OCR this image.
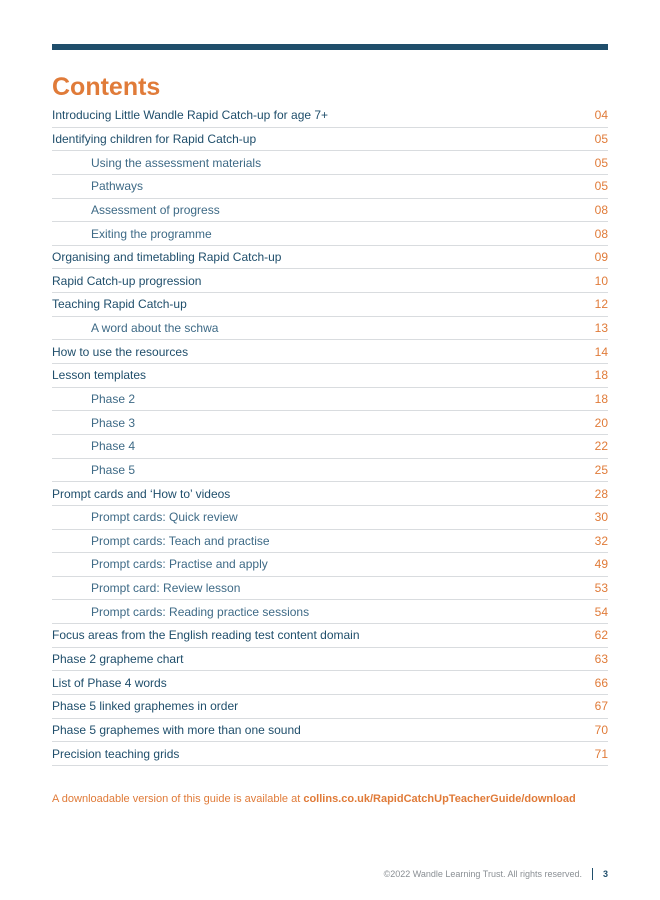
Contents
Introducing Little Wandle Rapid Catch-up for age 7+	04
Identifying children for Rapid Catch-up	05
Using the assessment materials	05
Pathways	05
Assessment of progress	08
Exiting the programme	08
Organising and timetabling Rapid Catch-up	09
Rapid Catch-up progression	10
Teaching Rapid Catch-up	12
A word about the schwa	13
How to use the resources	14
Lesson templates	18
Phase 2	18
Phase 3	20
Phase 4	22
Phase 5	25
Prompt cards and ‘How to’ videos	28
Prompt cards: Quick review	30
Prompt cards: Teach and practise	32
Prompt cards: Practise and apply	49
Prompt card: Review lesson	53
Prompt cards: Reading practice sessions	54
Focus areas from the English reading test content domain	62
Phase 2 grapheme chart	63
List of Phase 4 words	66
Phase 5 linked graphemes in order	67
Phase 5 graphemes with more than one sound	70
Precision teaching grids	71

A downloadable version of this guide is available at collins.co.uk/RapidCatchUpTeacherGuide/download

©2022 Wandle Learning Trust. All rights reserved. 3
